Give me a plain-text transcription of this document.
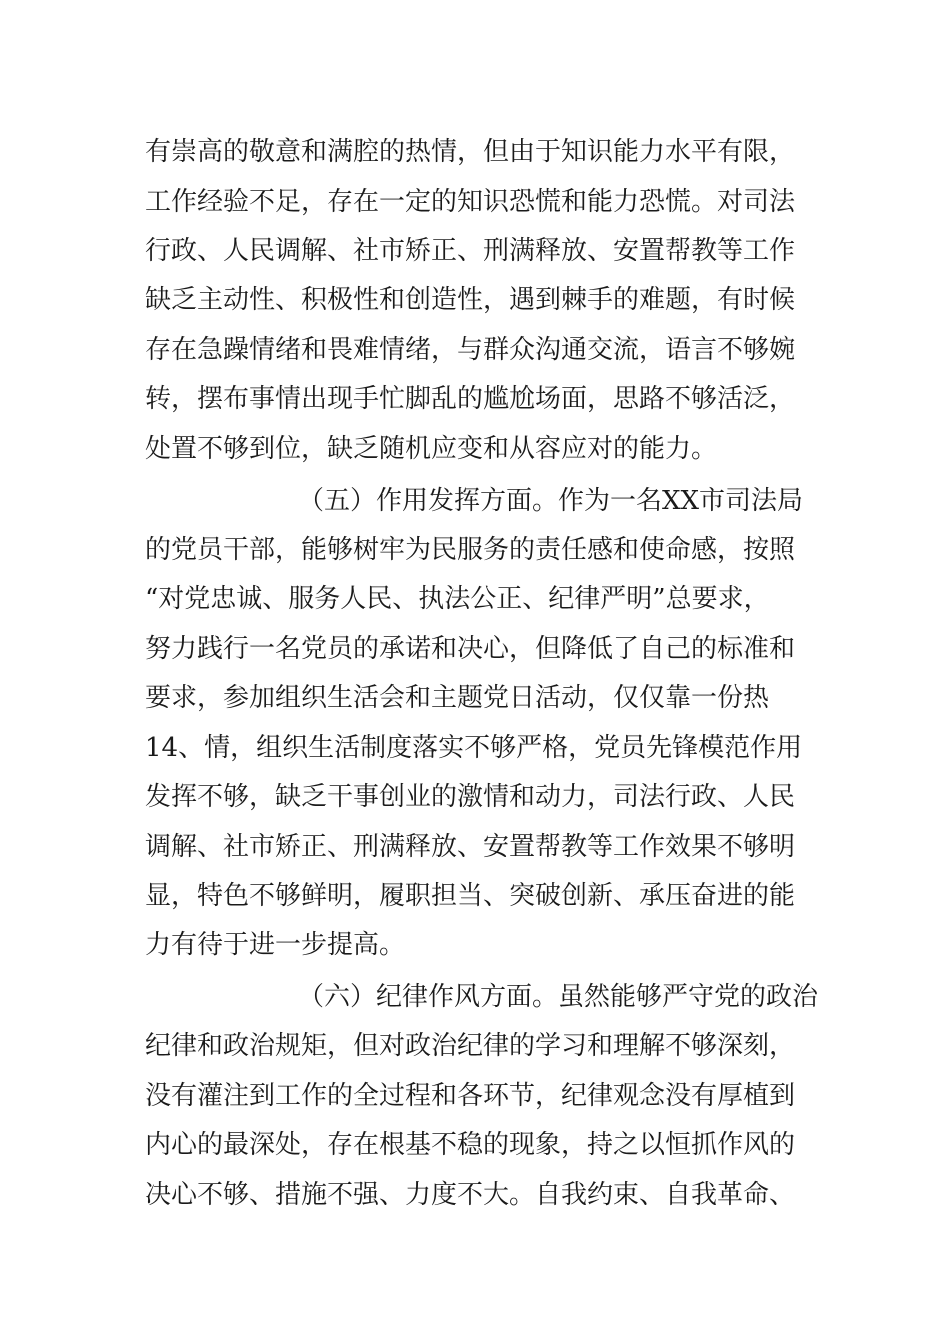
有崇高的敬意和满腔的热情，但由于知识能力水平有限，
工作经验不足，存在一定的知识恐慌和能力恐慌。对司法
行政、人民调解、社市矫正、刑满释放、安置帮教等工作
缺乏主动性、积极性和创造性，遇到棘手的难题，有时候
存在急躁情绪和畏难情绪，与群众沟通交流，语言不够婉
转，摆布事情出现手忙脚乱的尴尬场面，思路不够活泛，
处置不够到位，缺乏随机应变和从容应对的能力。
（五）作用发挥方面。作为一名XX市司法局
的党员干部，能够树牢为民服务的责任感和使命感，按照
“对党忠诚、服务人民、执法公正、纪律严明”总要求，
努力践行一名党员的承诺和决心，但降低了自己的标准和
要求，参加组织生活会和主题党日活动，仅仅靠一份热
14、情，组织生活制度落实不够严格，党员先锋模范作用
发挥不够，缺乏干事创业的激情和动力，司法行政、人民
调解、社市矫正、刑满释放、安置帮教等工作效果不够明
显，特色不够鲜明，履职担当、突破创新、承压奋进的能
力有待于进一步提高。
（六）纪律作风方面。虽然能够严守党的政治
纪律和政治规矩，但对政治纪律的学习和理解不够深刻，
没有灌注到工作的全过程和各环节，纪律观念没有厚植到
内心的最深处，存在根基不稳的现象，持之以恒抓作风的
决心不够、措施不强、力度不大。自我约束、自我革命、
